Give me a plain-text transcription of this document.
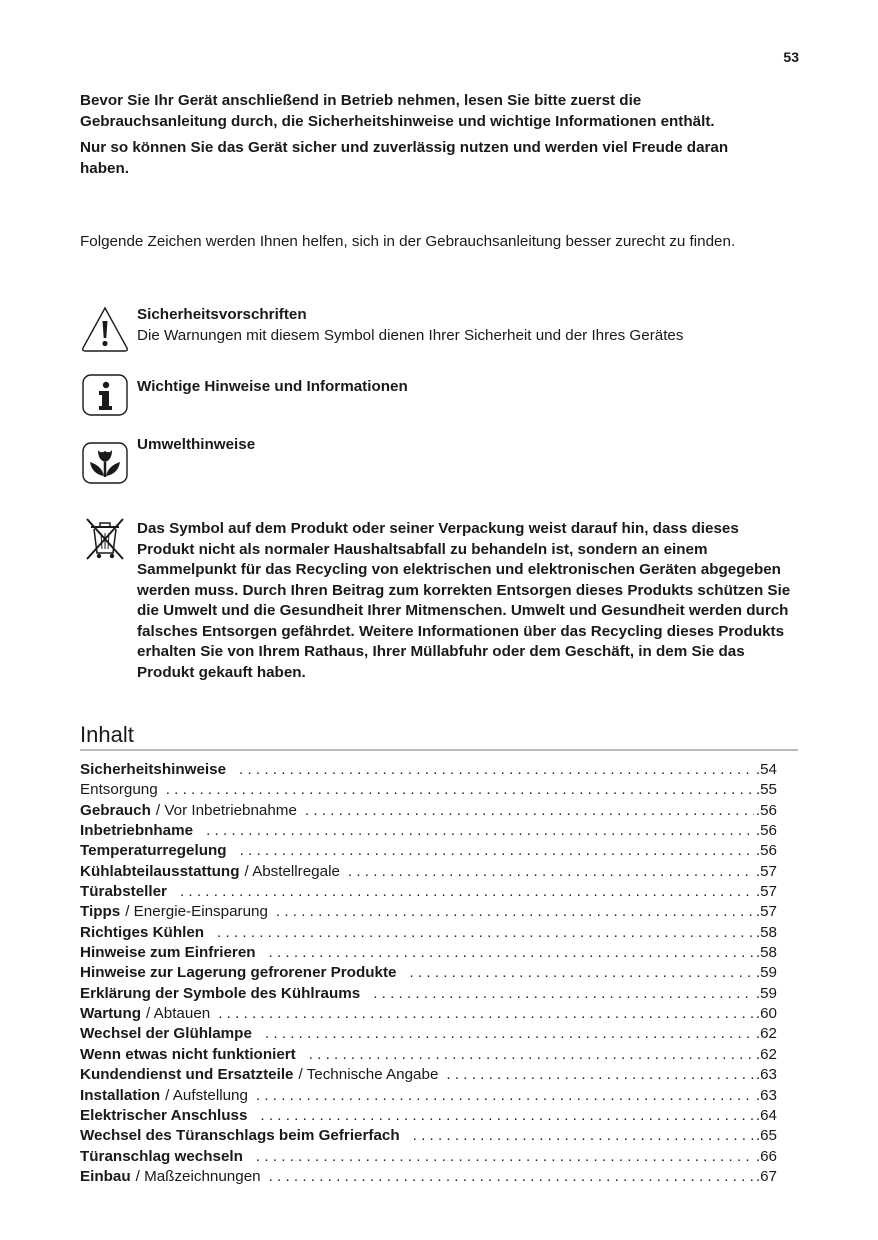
53

Bevor Sie Ihr Gerät anschließend in Betrieb nehmen, lesen Sie bitte zuerst die Gebrauchsanleitung durch, die Sicherheitshinweise und wichtige Informationen enthält.

Nur so können Sie das Gerät sicher und zuverlässig nutzen und werden viel Freude daran haben.

Folgende Zeichen werden Ihnen helfen, sich in der Gebrauchsanleitung besser zurecht zu finden.

Sicherheitsvorschriften
Die Warnungen mit diesem Symbol dienen Ihrer Sicherheit und der Ihres Gerätes
Wichtige Hinweise und Informationen
Umwelthinweise
Das Symbol auf dem Produkt oder seiner Verpackung weist darauf hin, dass dieses Produkt nicht als normaler Haushaltsabfall zu behandeln ist, sondern an einem Sammelpunkt für das Recycling von elektrischen und elektronischen Geräten abgegeben werden muss. Durch Ihren Beitrag zum korrekten Entsorgen dieses Produkts schützen Sie die Umwelt und die Gesundheit Ihrer Mitmenschen. Umwelt und Gesundheit werden durch falsches Entsorgen gefährdet. Weitere Informationen über das Recycling dieses Produkts erhalten Sie von Ihrem Rathaus, Ihrer Müllabfuhr oder dem Geschäft, in dem Sie das Produkt gekauft haben.
Inhalt
Sicherheitshinweise . . .	.54
Entsorgung . . .	.55
Gebrauch / Vor Inbetriebnahme . . .	.56
Inbetriebnhame . . .	.56
Temperaturregelung . . .	.56
Kühlabteilausstattung / Abstellregale . . .	.57
Türabsteller . . .	.57
Tipps / Energie-Einsparung . . .	.57
Richtiges Kühlen . . .	.58
Hinweise zum Einfrieren . . .	.58
Hinweise zur Lagerung gefrorener Produkte . . .	.59
Erklärung der Symbole des Kühlraums . . .	.59
Wartung / Abtauen . . .	.60
Wechsel der Glühlampe . . .	.62
Wenn etwas nicht funktioniert . . .	.62
Kundendienst und Ersatzteile / Technische Angabe . . .	.63
Installation / Aufstellung . . .	.63
Elektrischer Anschluss . . .	.64
Wechsel des Türanschlags beim Gefrierfach . . .	.65
Türanschlag wechseln . . .	.66
Einbau / Maßzeichnungen . . .	.67
